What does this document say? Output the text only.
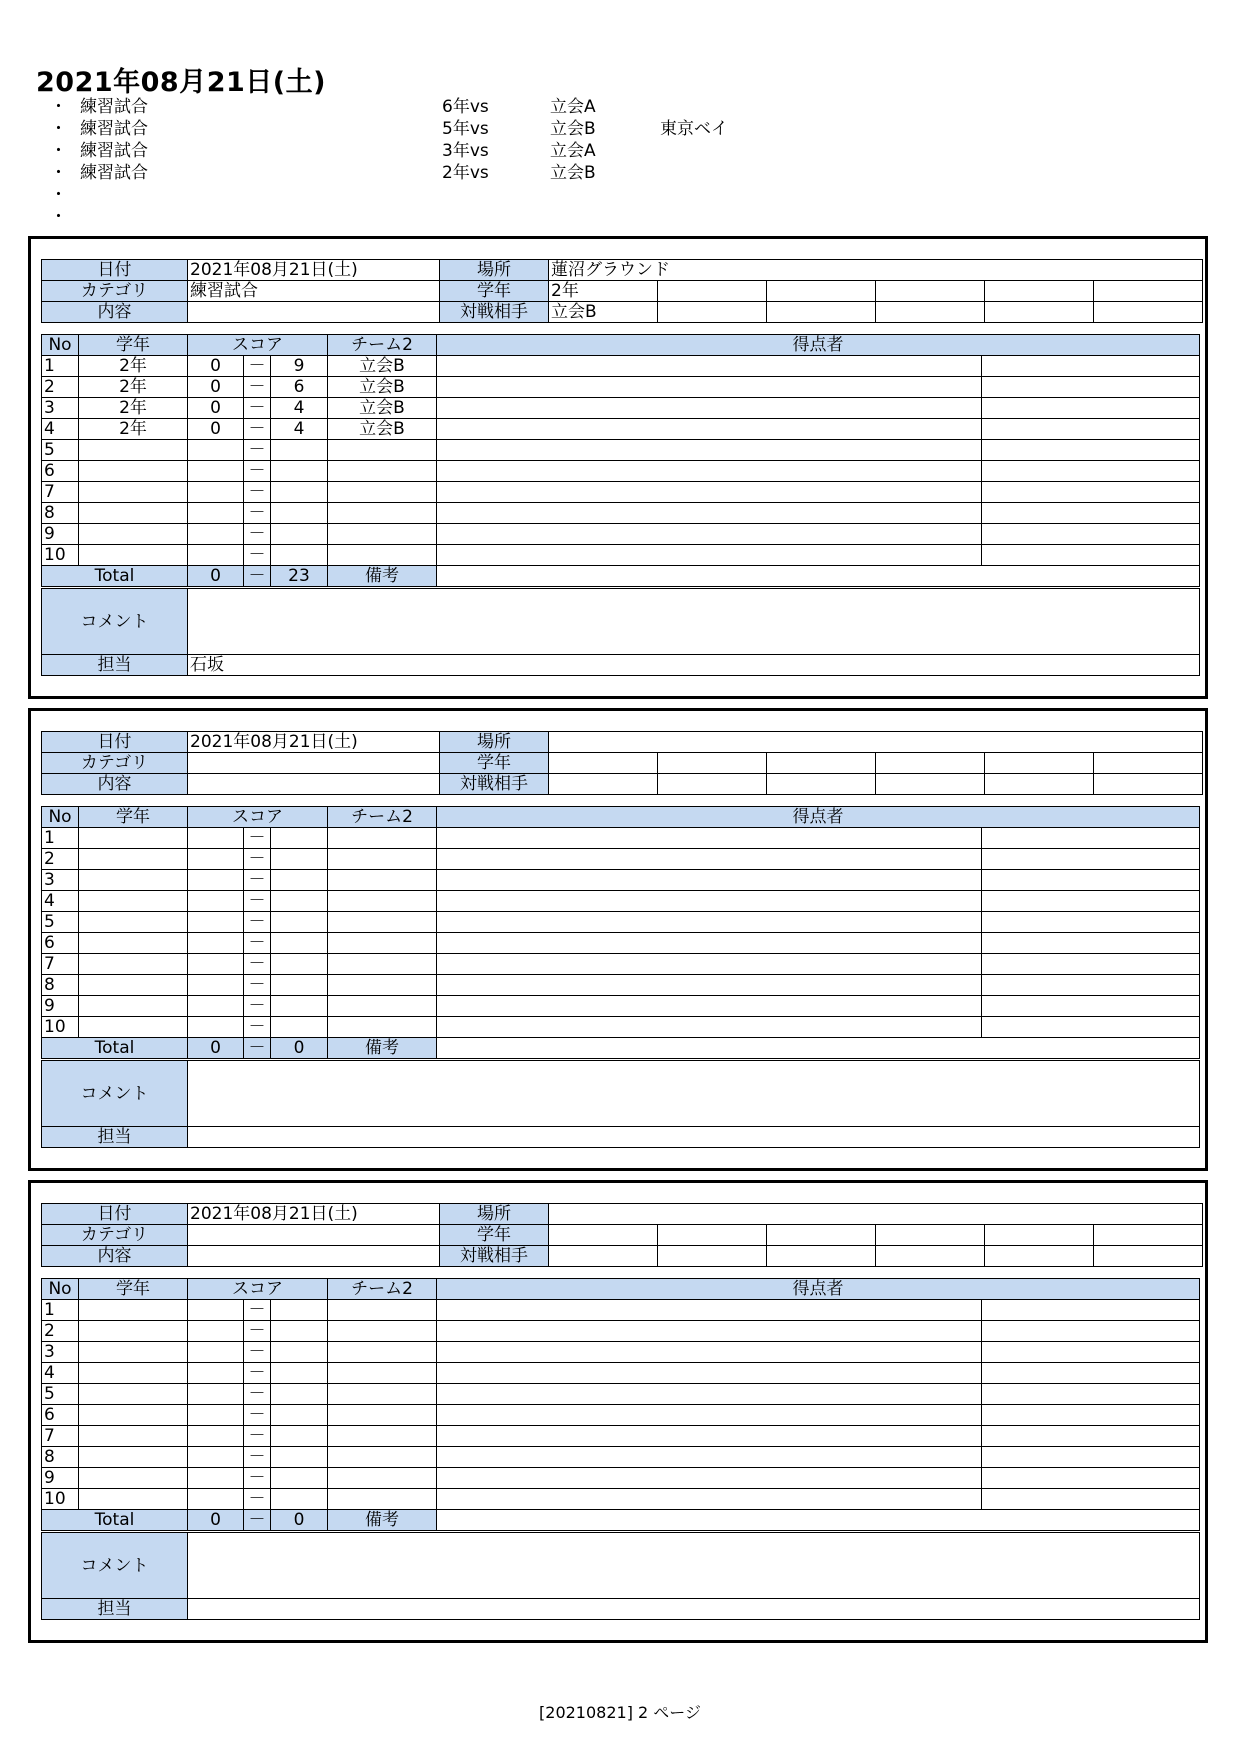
2021年08月21日(土)
・ 練習試合	6年vs	立会A
・ 練習試合	5年vs	立会B	東京ベイ
・ 練習試合	3年vs	立会A
・ 練習試合	2年vs	立会B
・
・
日付	2021年08月21日(土)	場所	蓮沼グラウンド					
カテゴリ	練習試合	学年	2年					
内容		対戦相手	立会B					
No	学年	スコア			チーム2	得点者	
1	2年	0	－	9	立会B		
2	2年	0	－	6	立会B		
3	2年	0	－	4	立会B		
4	2年	0	－	4	立会B		
5			－				
6			－				
7			－				
8			－				
9			－				
10			－				
Total		0	－	23	備考		
コメント	
担当	石坂
日付	2021年08月21日(土)	場所						
カテゴリ		学年						
内容		対戦相手						
No	学年	スコア			チーム2	得点者	
1			－				
2			－				
3			－				
4			－				
5			－				
6			－				
7			－				
8			－				
9			－				
10			－				
Total		0	－	0	備考		
コメント	
担当	
日付	2021年08月21日(土)	場所						
カテゴリ		学年						
内容		対戦相手						
No	学年	スコア			チーム2	得点者	
1			－				
2			－				
3			－				
4			－				
5			－				
6			－				
7			－				
8			－				
9			－				
10			－				
Total		0	－	0	備考		
コメント	
担当	
[20210821] 2 ページ
